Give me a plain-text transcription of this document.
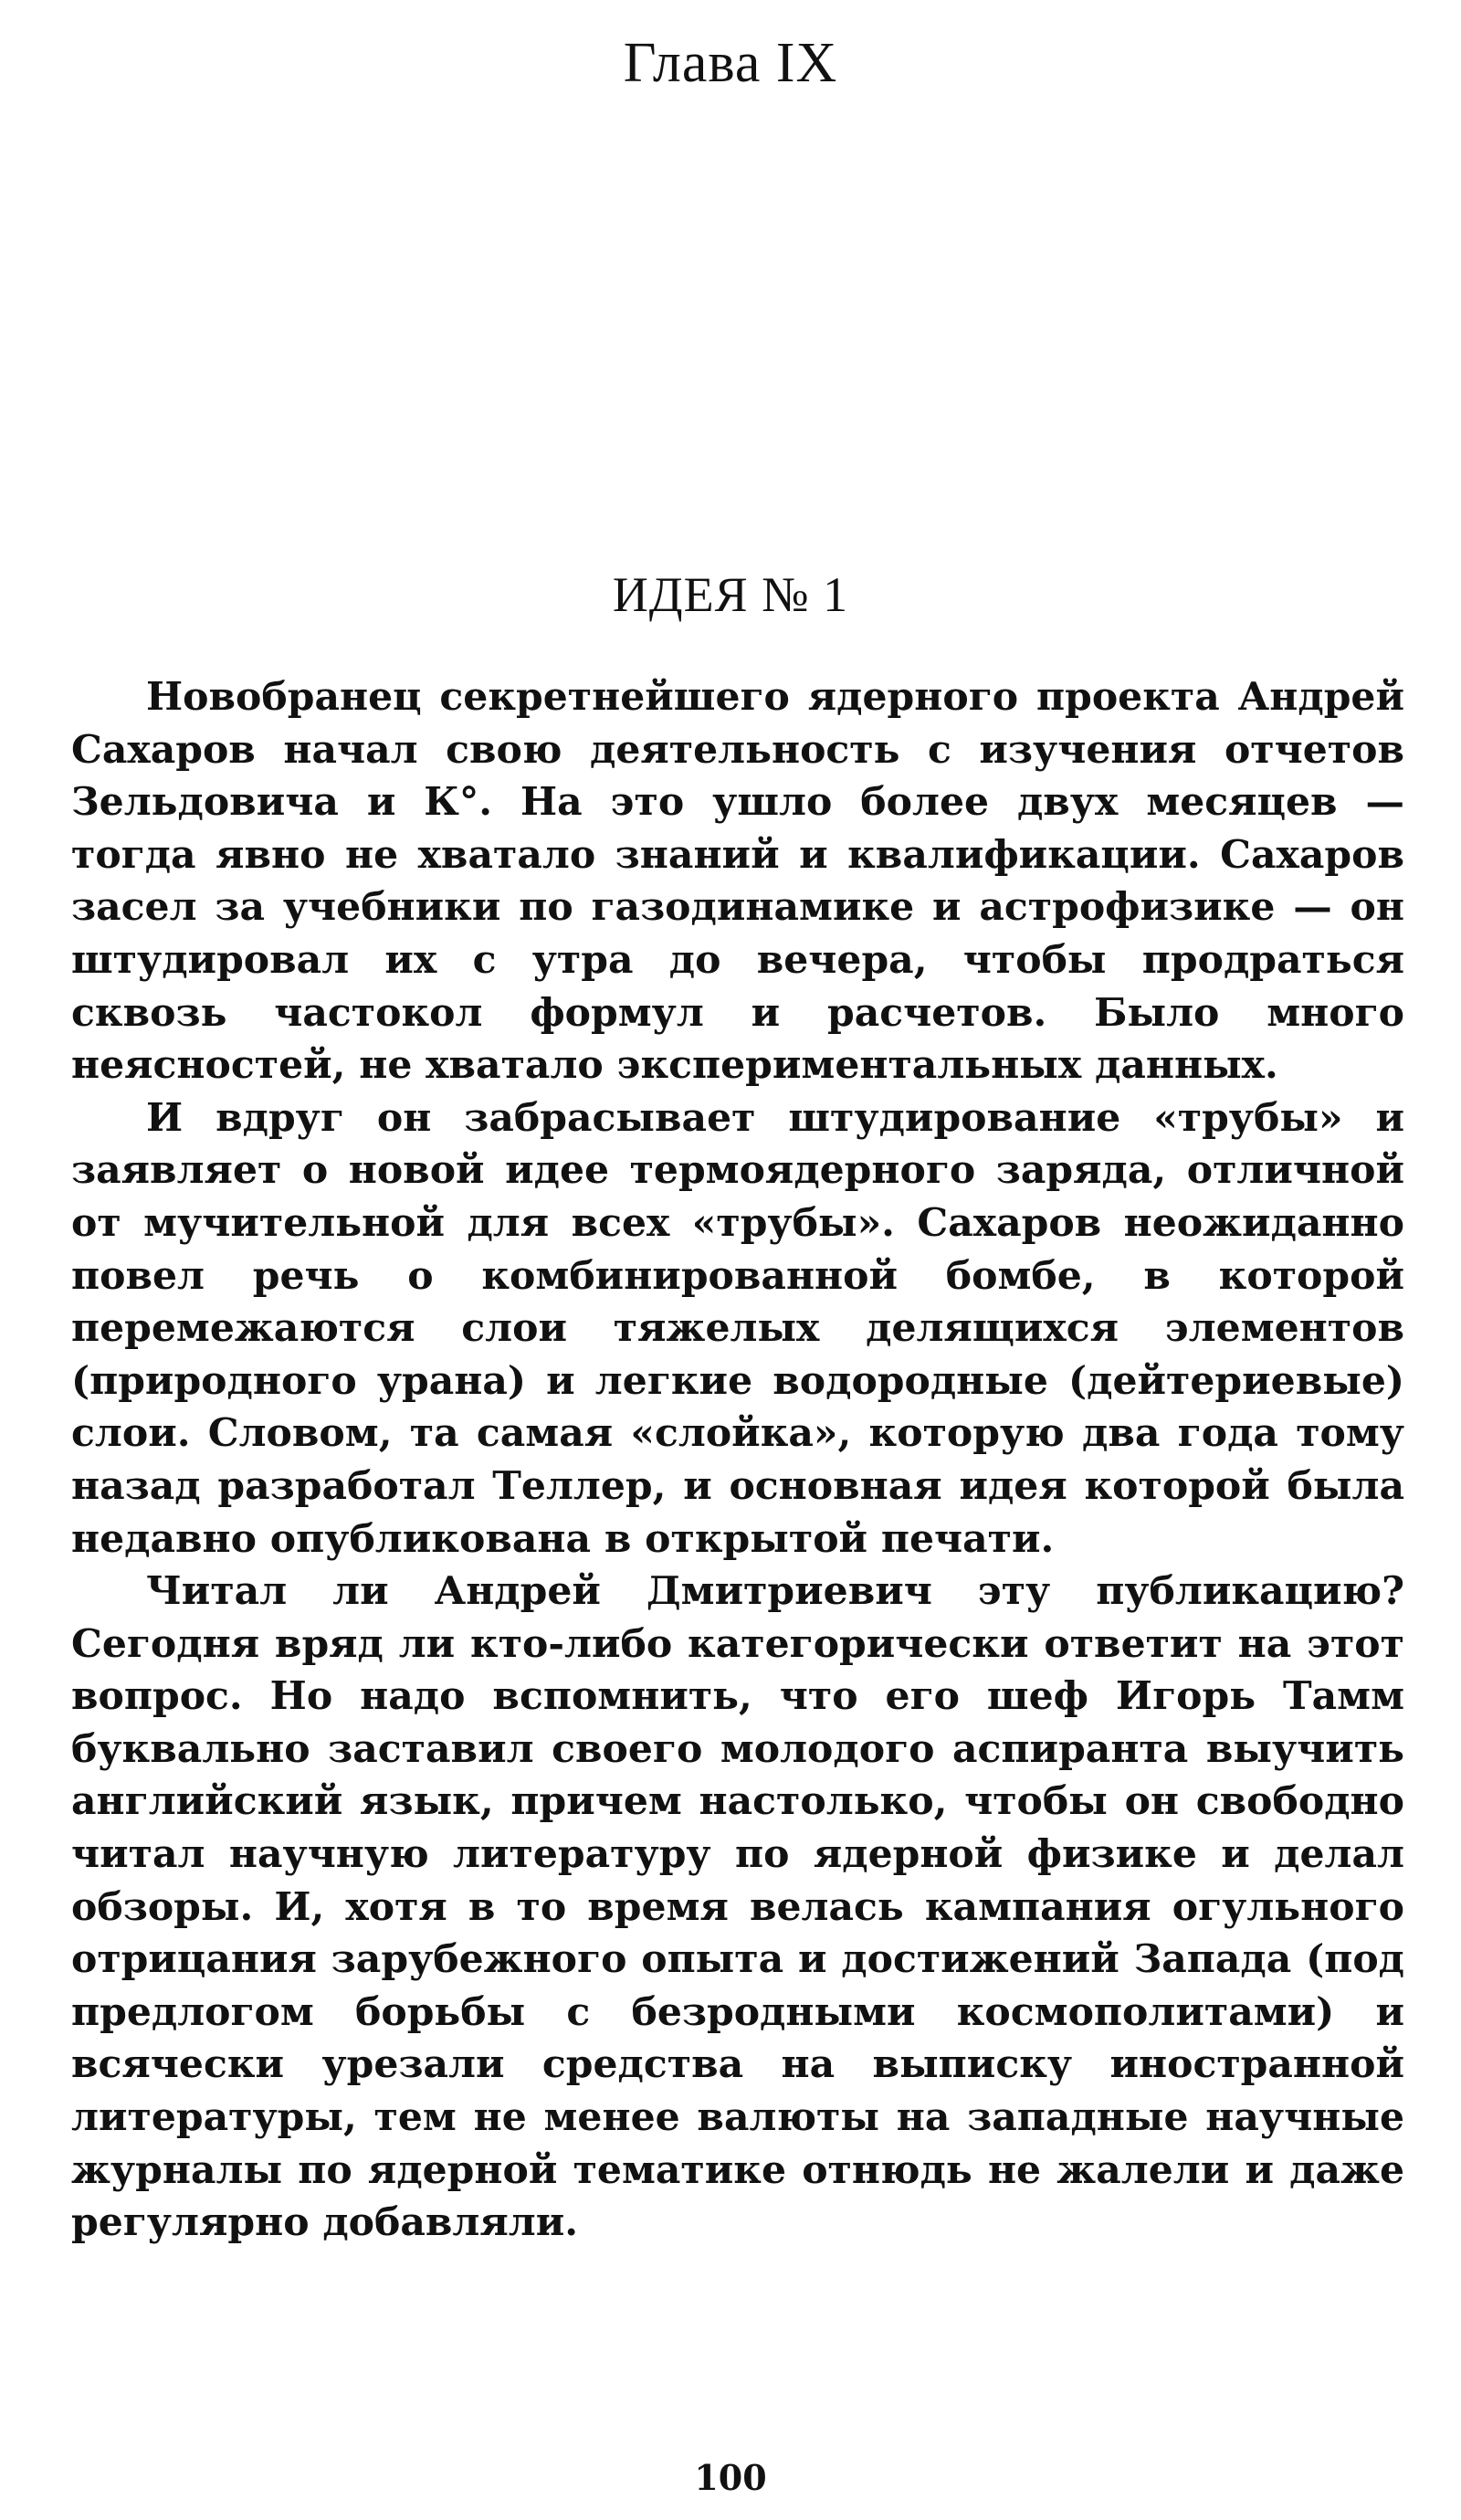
Глава IX
ИДЕЯ № 1

Новобранец секретнейшего ядерного проекта Андрей Сахаров начал свою деятельность с изучения отчетов Зельдовича и К°. На это ушло более двух месяцев — тогда явно не хватало знаний и квалификации. Сахаров засел за учебники по газодинамике и астрофизике — он штудировал их с утра до вечера, чтобы продраться сквозь частокол формул и расчетов. Было много неясностей, не хватало экспериментальных данных.

И вдруг он забрасывает штудирование «трубы» и заявляет о новой идее термоядерного заряда, отличной от мучительной для всех «трубы». Сахаров неожиданно повел речь о комбинированной бомбе, в которой перемежаются слои тяжелых делящихся элементов (природного урана) и легкие водородные (дейтериевые) слои. Словом, та самая «слойка», которую два года тому назад разработал Теллер, и основная идея которой была недавно опубликована в открытой печати.

Читал ли Андрей Дмитриевич эту публикацию? Сегодня вряд ли кто-либо категорически ответит на этот вопрос. Но надо вспомнить, что его шеф Игорь Тамм буквально заставил своего молодого аспиранта выучить английский язык, причем настолько, чтобы он свободно читал научную литературу по ядерной физике и делал обзоры. И, хотя в то время велась кампания огульного отрицания зарубежного опыта и достижений Запада (под предлогом борьбы с безродными космополитами) и всячески урезали средства на выписку иностранной литературы, тем не менее валюты на западные научные журналы по ядерной тематике отнюдь не жалели и даже регулярно добавляли.

100
